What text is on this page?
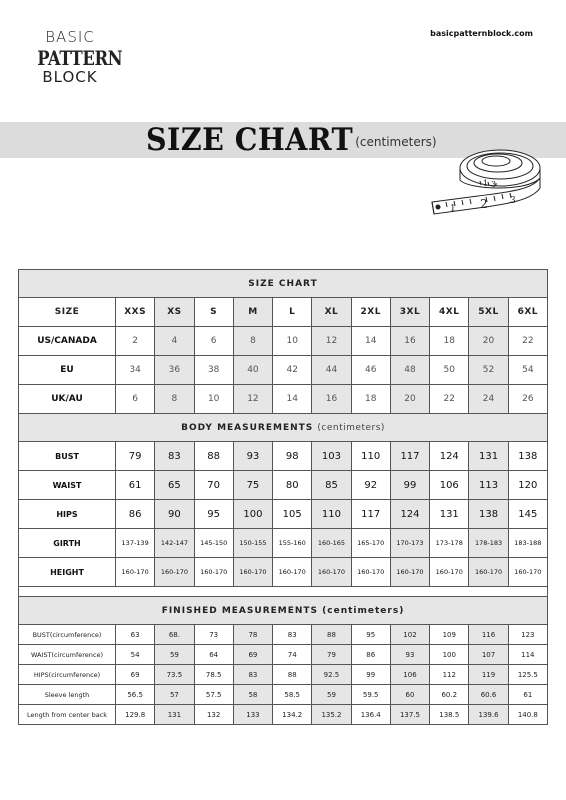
BASIC
PATTERN
BLOCK
basicpatternblock.com
SIZE CHART (centimeters)
1 2 3
1 3
SIZE CHART											
SIZE	XXS	XS	S	M	L	XL	2XL	3XL	4XL	5XL	6XL
US/CANADA	2	4	6	8	10	12	14	16	18	20	22
EU	34	36	38	40	42	44	46	48	50	52	54
UK/AU	6	8	10	12	14	16	18	20	22	24	26
BODY MEASUREMENTS (centimeters)											
BUST	79	83	88	93	98	103	110	117	124	131	138
WAIST	61	65	70	75	80	85	92	99	106	113	120
HIPS	86	90	95	100	105	110	117	124	131	138	145
GIRTH	137-139	142-147	145-150	150-155	155-160	160-165	165-170	170-173	173-178	178-183	183-188
HEIGHT	160-170	160-170	160-170	160-170	160-170	160-170	160-170	160-170	160-170	160-170	160-170

FINISHED MEASUREMENTS (centimeters)											
BUST(circumference)	63	68.	73	78	83	88	95	102	109	116	123
WAIST(circumference)	54	59	64	69	74	79	86	93	100	107	114
HIPS(circumference)	69	73.5	78.5	83	88	92.5	99	106	112	119	125.5
Sleeve length	56.5	57	57.5	58	58.5	59	59.5	60	60.2	60.6	61
Length from center back	129.8	131	132	133	134.2	135.2	136.4	137.5	138.5	139.6	140.8
